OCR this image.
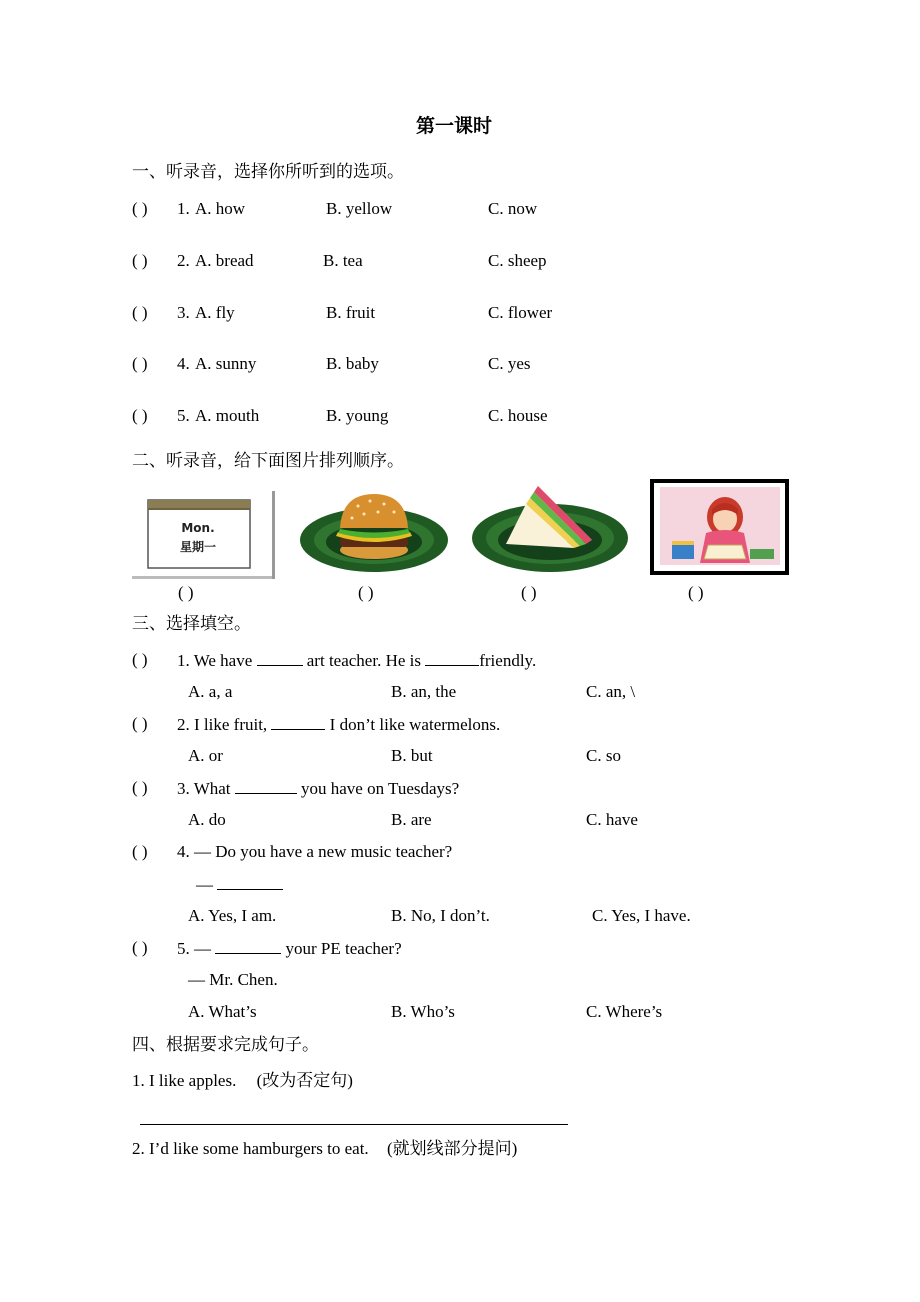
第一课时
一、听录音，选择你所听到的选项。
( ) 1. A. how	B. yellow	C. now
( ) 2. A. bread	B. tea	C. sheep
( ) 3. A. fly	B. fruit	C. flower
( ) 4. A. sunny	B. baby	C. yes
( ) 5. A. mouth	B. young	C. house
二、听录音，给下面图片排列顺序。
Mon.
星期一
( )	( )	( )	( )
三、选择填空。
( ) 1. We have	art teacher. He is	friendly.
A. a, a	B. an, the	C. an, \
( ) 2. I like fruit,	I don’t like watermelons.
A. or	B. but	C. so
( ) 3. What	you have on Tuesdays?
A. do	B. are	C. have
( ) 4. — Do you have a new music teacher?
—
A. Yes, I am.	B. No, I don’t.	C. Yes, I have.
( ) 5. —	your PE teacher?
— Mr. Chen.
A. What’s	B. Who’s	C. Where’s
四、根据要求完成句子。
1. I like apples. (改为否定句)
2. I’d like some hamburgers to eat. (就划线部分提问)
